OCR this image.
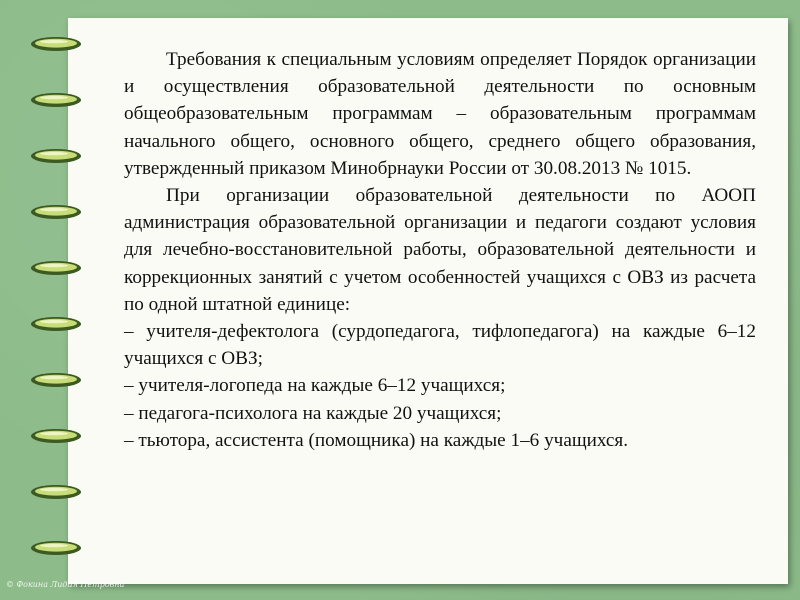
Требования к специальным условиям определяет Порядок организации и осуществления образовательной деятельности по основным общеобразовательным программам – образовательным программам начального общего, основного общего, среднего общего образования, утвержденный приказом Минобрнауки России от 30.08.2013 № 1015.

При организации образовательной деятельности по АООП администрация образовательной организации и педагоги создают условия для лечебно-восстановительной работы, образовательной деятельности и коррекционных занятий с учетом особенностей учащихся с ОВЗ из расчета по одной штатной единице:

– учителя-дефектолога (сурдопедагога, тифлопедагога) на каждые 6–12 учащихся с ОВЗ;

– учителя-логопеда на каждые 6–12 учащихся;

– педагога-психолога на каждые 20 учащихся;

– тьютора, ассистента (помощника) на каждые 1–6 учащихся.

© Фокина Лидия Петровна
